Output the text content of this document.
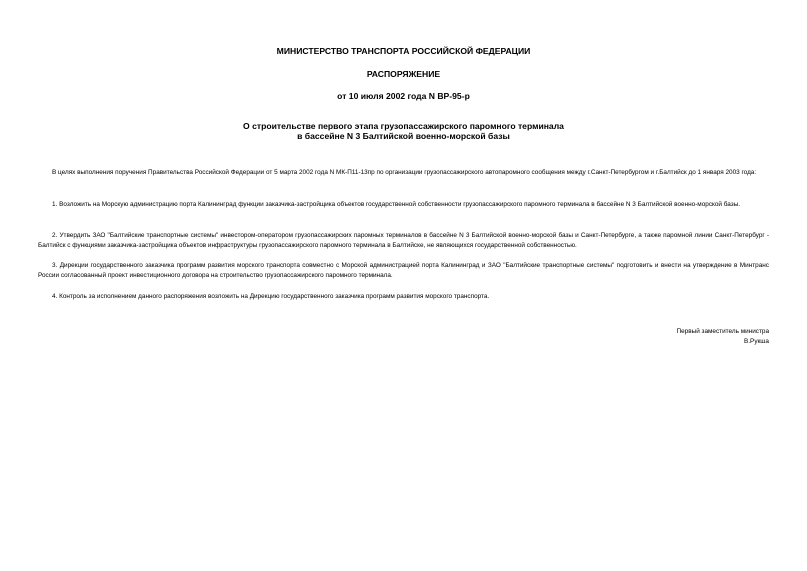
МИНИСТЕРСТВО ТРАНСПОРТА РОССИЙСКОЙ ФЕДЕРАЦИИ
РАСПОРЯЖЕНИЕ
от 10 июля 2002 года N ВР-95-р
О строительстве первого этапа грузопассажирского паромного терминала
в бассейне N 3 Балтийской военно-морской базы

В целях выполнения поручения Правительства Российской Федерации от 5 марта 2002 года N МК-П11-13пр по организации грузопассажирского автопаромного сообщения между г.Санкт-Петербургом и г.Балтийск до 1 января 2003 года:

1. Возложить на Морскую администрацию порта Калининград функции заказчика-застройщика объектов государственной собственности грузопассажирского паромного терминала в бассейне N 3 Балтийской военно-морской базы.

2. Утвердить ЗАО "Балтийские транспортные системы" инвестором-оператором грузопассажирских паромных терминалов в бассейне N 3 Балтийской военно-морской базы и Санкт-Петербурге, а также паромной линии Санкт-Петербург - Балтийск с функциями заказчика-застройщика объектов инфраструктуры грузопассажирского паромного терминала в Балтийске, не являющихся государственной собственностью.

3. Дирекции государственного заказчика программ развития морского транспорта совместно с Морской администрацией порта Калининград и ЗАО "Балтийские транспортные системы" подготовить и внести на утверждение в Минтранс России согласованный проект инвестиционного договора на строительство грузопассажирского паромного терминала.

4. Контроль за исполнением данного распоряжения возложить на Дирекцию государственного заказчика программ развития морского транспорта.

Первый заместитель министра
В.Рукша
